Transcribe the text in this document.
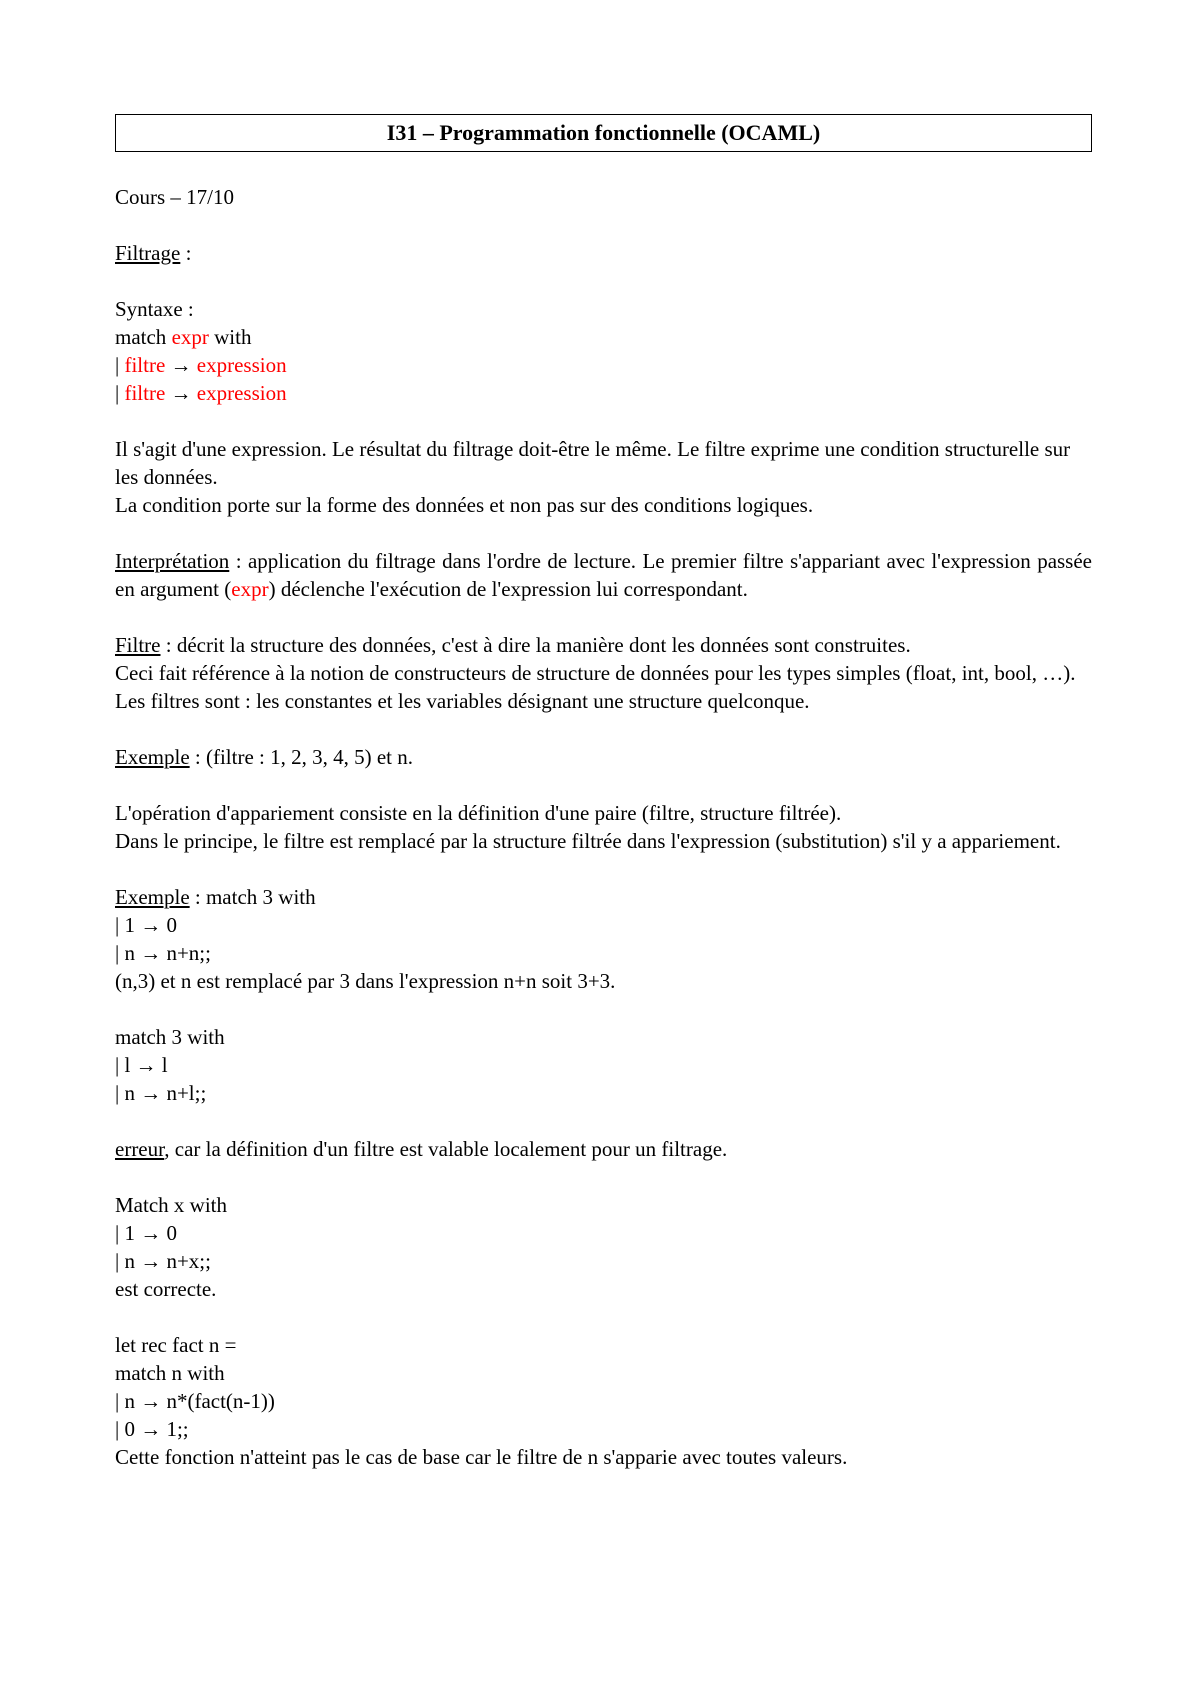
I31 – Programmation fonctionnelle (OCAML)
Cours – 17/10
Filtrage :
Syntaxe :
match expr with
| filtre → expression
| filtre → expression
Il s'agit d'une expression. Le résultat du filtrage doit-être le même. Le filtre exprime une condition structurelle sur les données.
La condition porte sur la forme des données et non pas sur des conditions logiques.
Interprétation : application du filtrage dans l'ordre de lecture. Le premier filtre s'appariant avec l'expression passée en argument (expr) déclenche l'exécution de l'expression lui correspondant.
Filtre : décrit la structure des données, c'est à dire la manière dont les données sont construites.
Ceci fait référence à la notion de constructeurs de structure de données pour les types simples (float, int, bool, …).
Les filtres sont : les constantes et les variables désignant une structure quelconque.
Exemple : (filtre : 1, 2, 3, 4, 5) et n.
L'opération d'appariement consiste en la définition d'une paire (filtre, structure filtrée).
Dans le principe, le filtre est remplacé par la structure filtrée dans l'expression (substitution) s'il y a appariement.
Exemple : match 3 with
| 1 → 0
| n → n+n;;
(n,3) et n est remplacé par 3 dans l'expression n+n soit 3+3.
match 3 with
| l → l
| n → n+l;;
erreur, car la définition d'un filtre est valable localement pour un filtrage.
Match x with
| 1 → 0
| n → n+x;;
est correcte.
let rec fact n =
match n with
| n → n*(fact(n-1))
| 0 → 1;;
Cette fonction n'atteint pas le cas de base car le filtre de n s'apparie avec toutes valeurs.
